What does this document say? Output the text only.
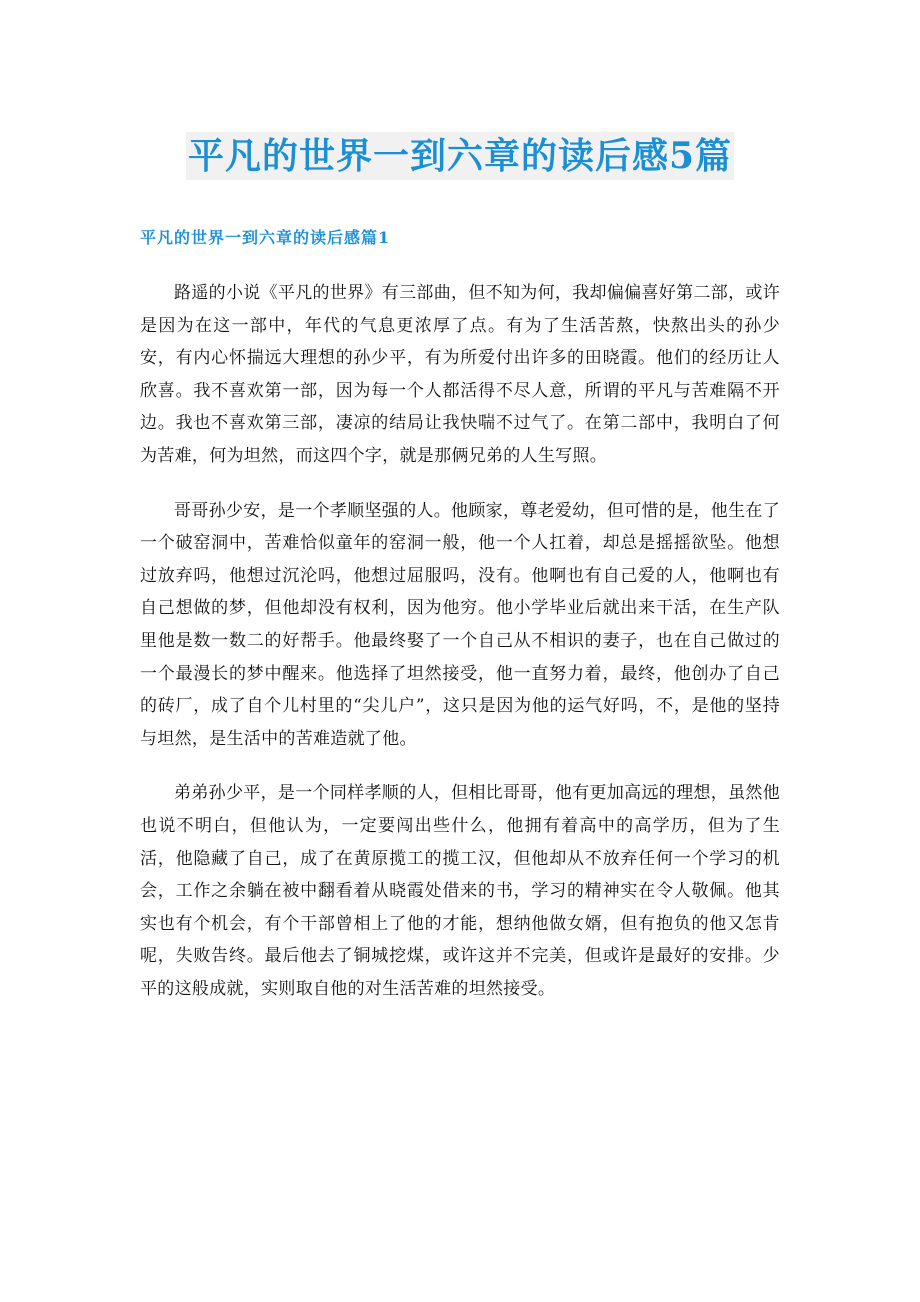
平凡的世界一到六章的读后感5篇
平凡的世界一到六章的读后感篇1

路遥的小说《平凡的世界》有三部曲，但不知为何，我却偏偏喜好第二部，或许是因为在这一部中，年代的气息更浓厚了点。有为了生活苦熬，快熬出头的孙少安，有内心怀揣远大理想的孙少平，有为所爱付出许多的田晓霞。他们的经历让人欣喜。我不喜欢第一部，因为每一个人都活得不尽人意，所谓的平凡与苦难隔不开边。我也不喜欢第三部，凄凉的结局让我快喘不过气了。在第二部中，我明白了何为苦难，何为坦然，而这四个字，就是那俩兄弟的人生写照。

哥哥孙少安，是一个孝顺坚强的人。他顾家，尊老爱幼，但可惜的是，他生在了一个破窑洞中，苦难恰似童年的窑洞一般，他一个人扛着，却总是摇摇欲坠。他想过放弃吗，他想过沉沦吗，他想过屈服吗，没有。他啊也有自己爱的人，他啊也有自己想做的梦，但他却没有权利，因为他穷。他小学毕业后就出来干活，在生产队里他是数一数二的好帮手。他最终娶了一个自己从不相识的妻子，也在自己做过的一个最漫长的梦中醒来。他选择了坦然接受，他一直努力着，最终，他创办了自己的砖厂，成了自个儿村里的“尖儿户”，这只是因为他的运气好吗，不，是他的坚持与坦然，是生活中的苦难造就了他。

弟弟孙少平，是一个同样孝顺的人，但相比哥哥，他有更加高远的理想，虽然他也说不明白，但他认为，一定要闯出些什么，他拥有着高中的高学历，但为了生活，他隐藏了自己，成了在黄原揽工的揽工汉，但他却从不放弃任何一个学习的机会，工作之余躺在被中翻看着从晓霞处借来的书，学习的精神实在令人敬佩。他其实也有个机会，有个干部曾相上了他的才能，想纳他做女婿，但有抱负的他又怎肯呢，失败告终。最后他去了铜城挖煤，或许这并不完美，但或许是最好的安排。少平的这般成就，实则取自他的对生活苦难的坦然接受。
